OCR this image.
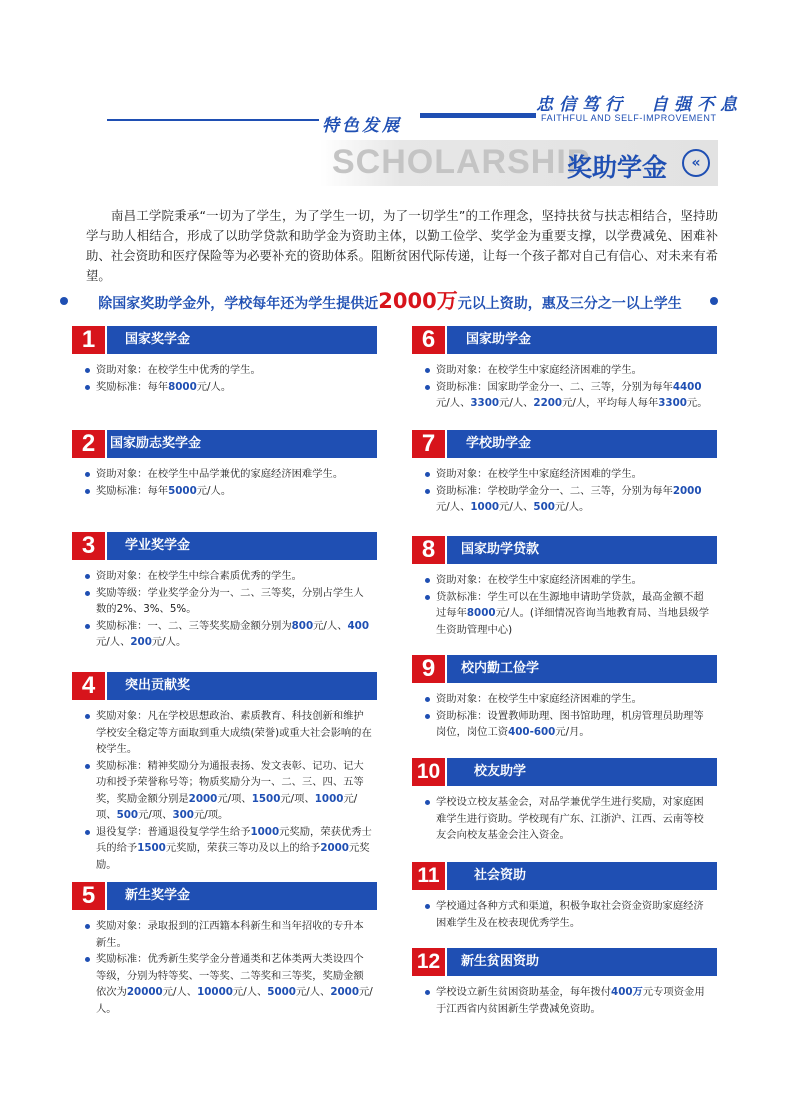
忠信笃行　自强不息
特色发展	FAITHFUL AND SELF-IMPROVEMENT
SCHOLARSHIP
奖助学金	«

南昌工学院秉承“一切为了学生，为了学生一切，为了一切学生”的工作理念，坚持扶贫与扶志相结合，坚持助学与助人相结合，形成了以助学贷款和助学金为资助主体，以勤工俭学、奖学金为重要支撑，以学费减免、困难补助、社会资助和医疗保险等为必要补充的资助体系。阻断贫困代际传递，让每一个孩子都对自己有信心、对未来有希望。

除国家奖助学金外，学校每年还为学生提供近2000万元以上资助，惠及三分之一以上学生
1	国家奖学金
资助对象：在校学生中优秀的学生。
奖励标准：每年8000元/人。
2	国家励志奖学金
资助对象：在校学生中品学兼优的家庭经济困难学生。
奖励标准：每年5000元/人。
3	学业奖学金
资助对象：在校学生中综合素质优秀的学生。
奖励等级：学业奖学金分为一、二、三等奖，分别占学生人数的2%、3%、5%。
奖励标准：一、二、三等奖奖励金额分别为800元/人、400元/人、200元/人。
4	突出贡献奖
奖励对象：凡在学校思想政治、素质教育、科技创新和维护学校安全稳定等方面取到重大成绩(荣誉)或重大社会影响的在校学生。
奖励标准：精神奖励分为通报表扬、发文表彰、记功、记大功和授予荣誉称号等；物质奖励分为一、二、三、四、五等奖，奖励金额分别是2000元/项、1500元/项、1000元/项、500元/项、300元/项。
退役复学：普通退役复学学生给予1000元奖励，荣获优秀士兵的给予1500元奖励，荣获三等功及以上的给予2000元奖励。
5	新生奖学金
奖励对象：录取报到的江西籍本科新生和当年招收的专升本新生。
奖励标准：优秀新生奖学金分普通类和艺体类两大类设四个等级，分别为特等奖、一等奖、二等奖和三等奖，奖励金额依次为20000元/人、10000元/人、5000元/人、2000元/人。
6	国家助学金
资助对象：在校学生中家庭经济困难的学生。
资助标准：国家助学金分一、二、三等，分别为每年4400元/人、3300元/人、2200元/人，平均每人每年3300元。
7	学校助学金
资助对象：在校学生中家庭经济困难的学生。
资助标准：学校助学金分一、二、三等，分别为每年2000元/人、1000元/人、500元/人。
8	国家助学贷款
资助对象：在校学生中家庭经济困难的学生。
贷款标准：学生可以在生源地申请助学贷款，最高金额不超过每年8000元/人。(详细情况咨询当地教育局、当地县级学生资助管理中心)
9	校内勤工俭学
资助对象：在校学生中家庭经济困难的学生。
资助标准：设置教师助理、图书馆助理，机房管理员助理等岗位，岗位工资400-600元/月。
10	校友助学
学校设立校友基金会，对品学兼优学生进行奖励，对家庭困难学生进行资助。学校现有广东、江浙沪、江西、云南等校友会向校友基金会注入资金。
11	社会资助
学校通过各种方式和渠道，积极争取社会资金资助家庭经济困难学生及在校表现优秀学生。
12	新生贫困资助
学校设立新生贫困资助基金，每年拨付400万元专项资金用于江西省内贫困新生学费减免资助。
